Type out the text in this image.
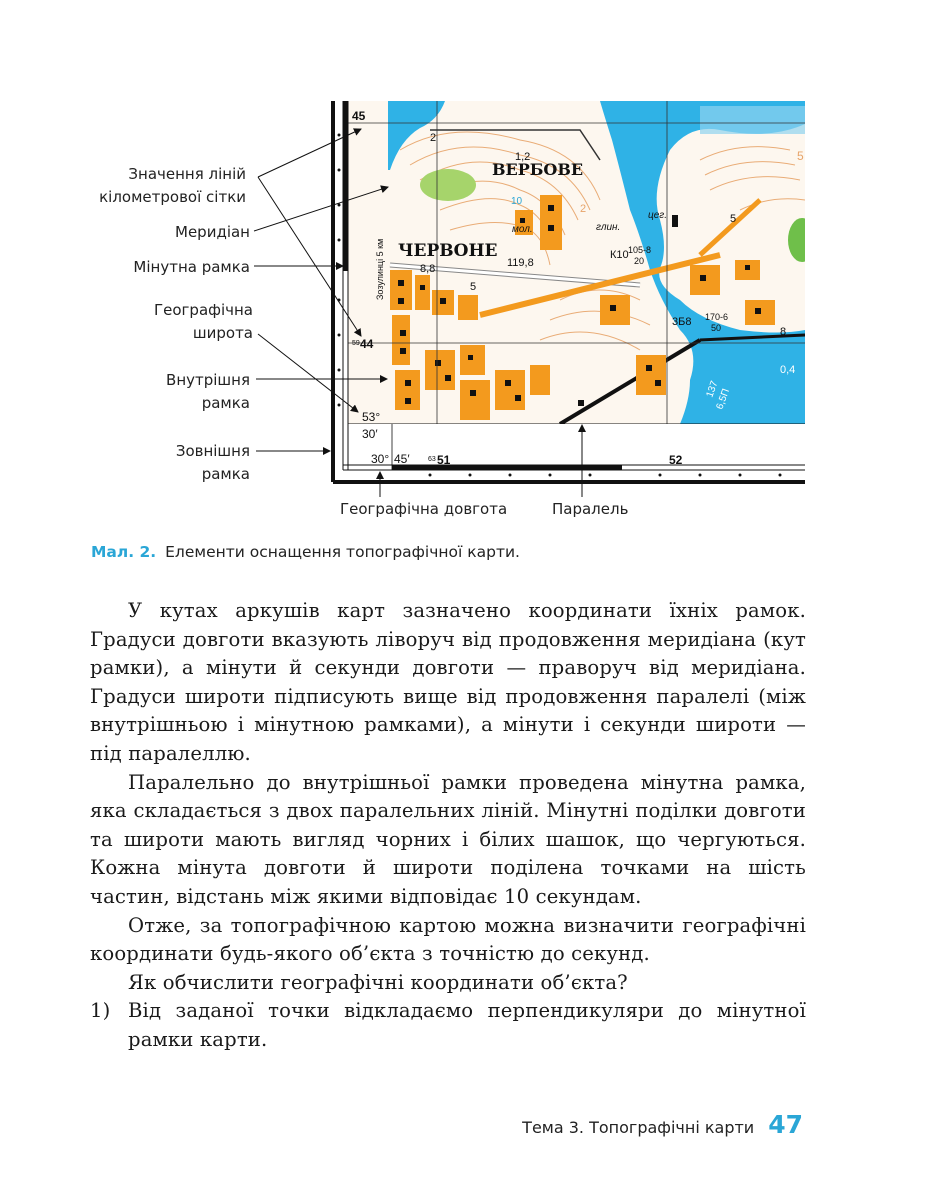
Значення ліній
кілометрової сітки
Меридіан
Мінутна рамка
Географічна
широта
Внутрішня
рамка
Зовнішня
рамка
Географічна довгота	Паралель
45
59 44
63 51	52
53°
30′
30° 45′
Зозулинці 5 км
ВЕРБОВЕ
ЧЕРВОНЕ
119,8
1,2
8,8
К10 105-8
20
3Б8 170-6
50
мол.	глин.
цег.
5
5
2
2
8
10
5
0,4
137
6,5П
Мал. 2. Елементи оснащення топографічної карти.

У кутах аркушів карт зазначено координати їхніх рамок. Градуси довготи вказують ліворуч від продовження меридіана (кут рамки), а мінути й секунди довготи — праворуч від меридіана. Градуси широти підписують вище від продовження паралелі (між внутрішньою і мінутною рамками), а мінути і секунди широти — під паралеллю.

Паралельно до внутрішньої рамки проведена мінутна рамка, яка складається з двох паралельних ліній. Мінутні поділки довготи та широти мають вигляд чорних і білих шашок, що чергуються. Кожна мінута довготи й широти поділена точками на шість частин, відстань між якими відповідає 10 секундам.

Отже, за топографічною картою можна визначити географічні координати будь-якого об’єкта з точністю до секунд.

Як обчислити географічні координати об’єкта?

1) Від заданої точки відкладаємо перпендикуляри до мінутної рамки карти.

Тема 3. Топографічні карти 47
